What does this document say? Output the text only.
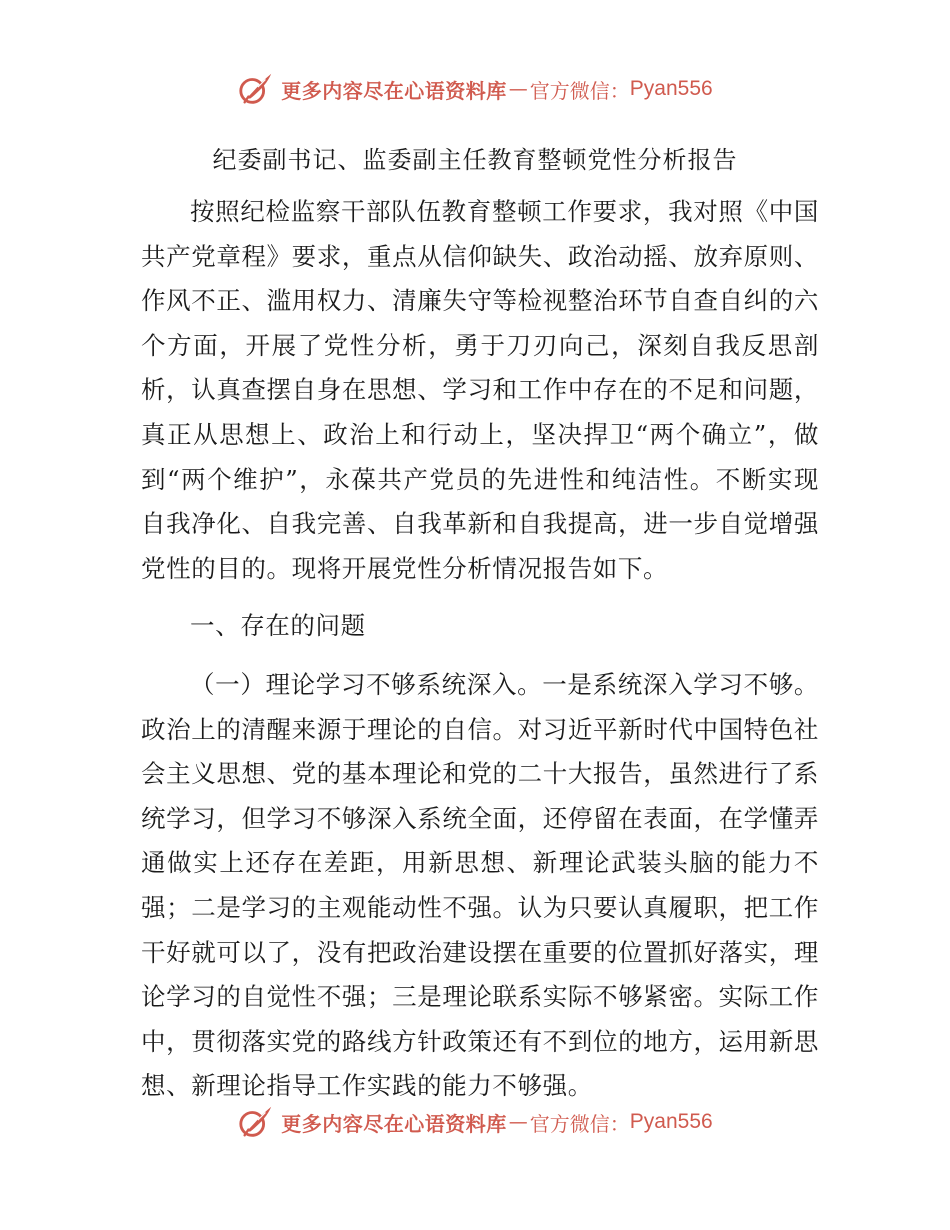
更多内容尽在心语资料库 — 官方微信： Pyan556
纪委副书记、监委副主任教育整顿党性分析报告

按照纪检监察干部队伍教育整顿工作要求，我对照《中国共产党章程》要求，重点从信仰缺失、政治动摇、放弃原则、作风不正、滥用权力、清廉失守等检视整治环节自查自纠的六个方面，开展了党性分析，勇于刀刃向己，深刻自我反思剖析，认真查摆自身在思想、学习和工作中存在的不足和问题，真正从思想上、政治上和行动上，坚决捍卫“两个确立”，做到“两个维护”，永葆共产党员的先进性和纯洁性。不断实现自我净化、自我完善、自我革新和自我提高，进一步自觉增强党性的目的。现将开展党性分析情况报告如下。

一、存在的问题

（一）理论学习不够系统深入。一是系统深入学习不够。政治上的清醒来源于理论的自信。对习近平新时代中国特色社会主义思想、党的基本理论和党的二十大报告，虽然进行了系统学习，但学习不够深入系统全面，还停留在表面，在学懂弄通做实上还存在差距，用新思想、新理论武装头脑的能力不强；二是学习的主观能动性不强。认为只要认真履职，把工作干好就可以了，没有把政治建设摆在重要的位置抓好落实，理论学习的自觉性不强；三是理论联系实际不够紧密。实际工作中，贯彻落实党的路线方针政策还有不到位的地方，运用新思想、新理论指导工作实践的能力不够强。

更多内容尽在心语资料库 — 官方微信： Pyan556
